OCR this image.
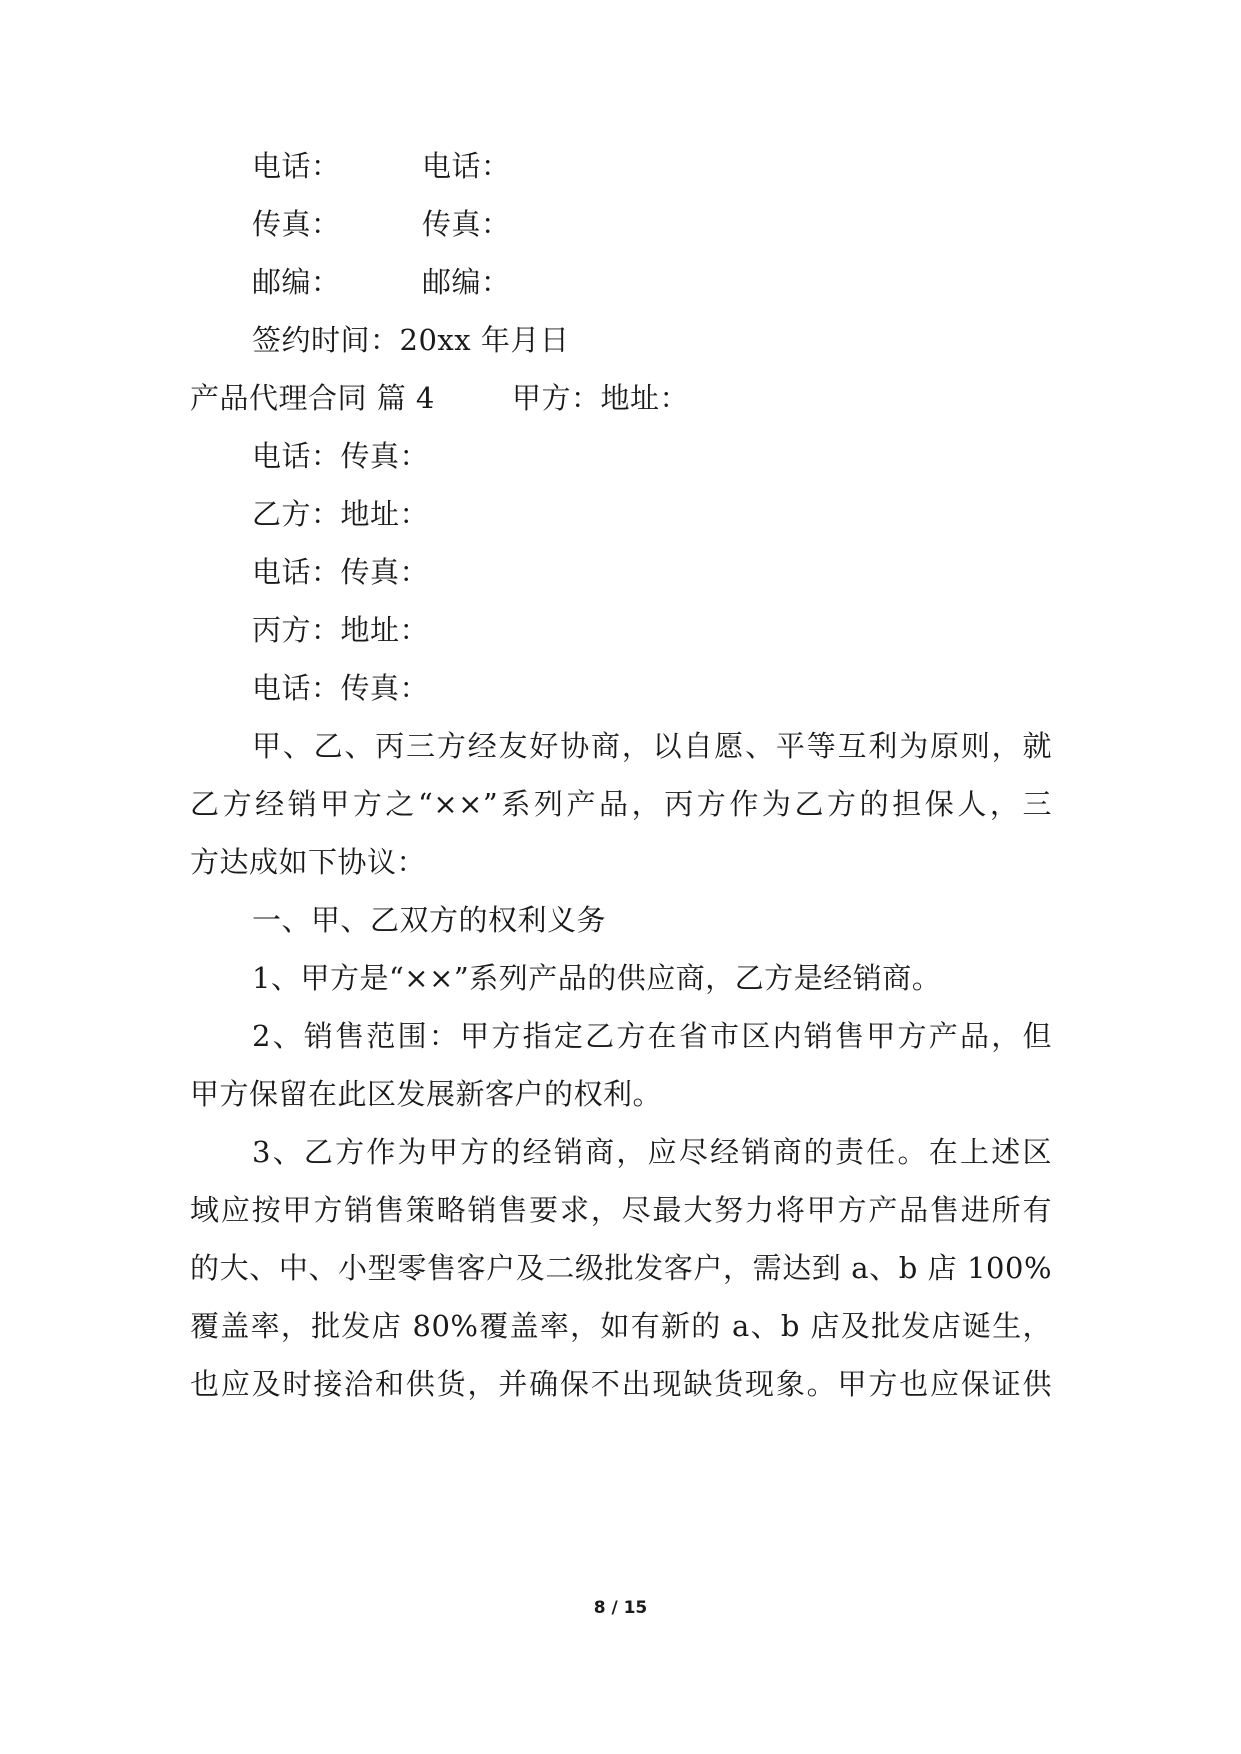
电话：	电话：
传真：	传真：
邮编：	邮编：
签约时间：20xx 年月日
产品代理合同 篇 4	甲方：地址：
电话：传真：
乙方：地址：
电话：传真：
丙方：地址：
电话：传真：
甲、乙、丙三方经友好协商，以自愿、平等互利为原则，就
乙方经销甲方之“××”系列产品，丙方作为乙方的担保人，三
方达成如下协议：
一、甲、乙双方的权利义务
1、甲方是“××”系列产品的供应商，乙方是经销商。
2、销售范围：甲方指定乙方在省市区内销售甲方产品，但
甲方保留在此区发展新客户的权利。
3、乙方作为甲方的经销商，应尽经销商的责任。在上述区
域应按甲方销售策略销售要求，尽最大努力将甲方产品售进所有
的大、中、小型零售客户及二级批发客户，需达到 a、b 店 100%
覆盖率，批发店 80%覆盖率，如有新的 a、b 店及批发店诞生，
也应及时接洽和供货，并确保不出现缺货现象。甲方也应保证供
8 / 15
